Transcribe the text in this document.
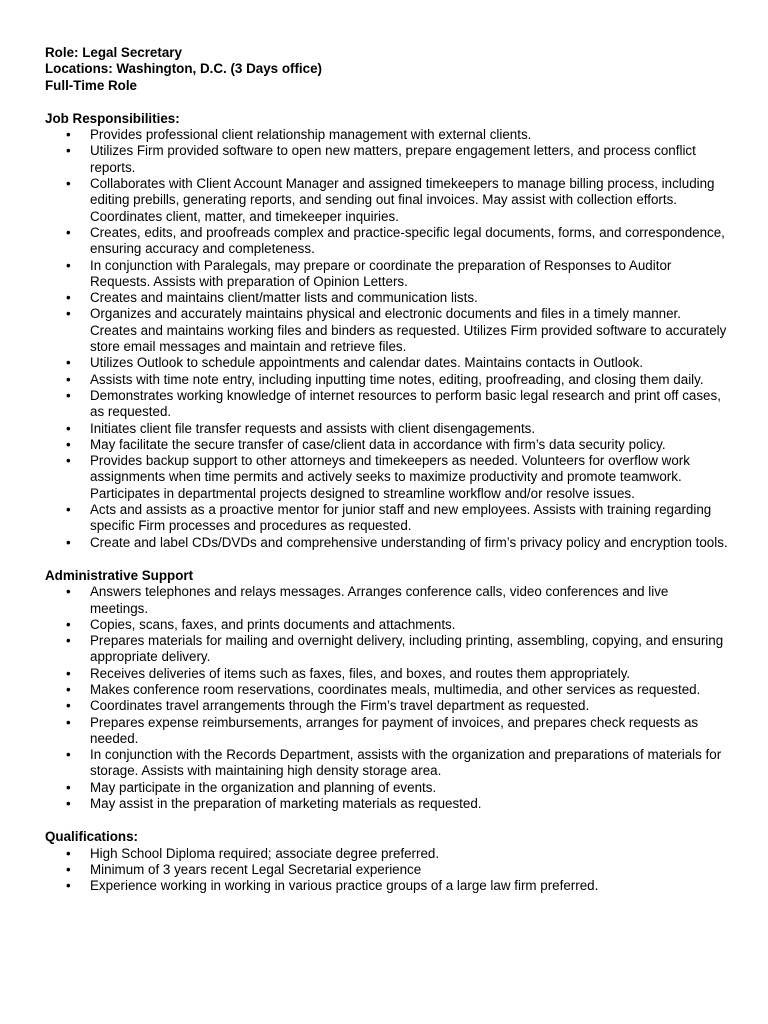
Role: Legal Secretary

Locations: Washington, D.C. (3 Days office)

Full-Time Role

Job Responsibilities:

• Provides professional client relationship management with external clients.
• Utilizes Firm provided software to open new matters, prepare engagement letters, and process conflict reports.
• Collaborates with Client Account Manager and assigned timekeepers to manage billing process, including editing prebills, generating reports, and sending out final invoices. May assist with collection efforts. Coordinates client, matter, and timekeeper inquiries.
• Creates, edits, and proofreads complex and practice-specific legal documents, forms, and correspondence, ensuring accuracy and completeness.
• In conjunction with Paralegals, may prepare or coordinate the preparation of Responses to Auditor Requests. Assists with preparation of Opinion Letters.
• Creates and maintains client/matter lists and communication lists.
• Organizes and accurately maintains physical and electronic documents and files in a timely manner. Creates and maintains working files and binders as requested. Utilizes Firm provided software to accurately store email messages and maintain and retrieve files.
• Utilizes Outlook to schedule appointments and calendar dates. Maintains contacts in Outlook.
• Assists with time note entry, including inputting time notes, editing, proofreading, and closing them daily.
• Demonstrates working knowledge of internet resources to perform basic legal research and print off cases, as requested.
• Initiates client file transfer requests and assists with client disengagements.
• May facilitate the secure transfer of case/client data in accordance with firm’s data security policy.
• Provides backup support to other attorneys and timekeepers as needed. Volunteers for overflow work assignments when time permits and actively seeks to maximize productivity and promote teamwork. Participates in departmental projects designed to streamline workflow and/or resolve issues.
• Acts and assists as a proactive mentor for junior staff and new employees. Assists with training regarding specific Firm processes and procedures as requested.
• Create and label CDs/DVDs and comprehensive understanding of firm’s privacy policy and encryption tools.

Administrative Support

• Answers telephones and relays messages. Arranges conference calls, video conferences and live meetings.
• Copies, scans, faxes, and prints documents and attachments.
• Prepares materials for mailing and overnight delivery, including printing, assembling, copying, and ensuring appropriate delivery.
• Receives deliveries of items such as faxes, files, and boxes, and routes them appropriately.
• Makes conference room reservations, coordinates meals, multimedia, and other services as requested.
• Coordinates travel arrangements through the Firm’s travel department as requested.
• Prepares expense reimbursements, arranges for payment of invoices, and prepares check requests as needed.
• In conjunction with the Records Department, assists with the organization and preparations of materials for storage. Assists with maintaining high density storage area.
• May participate in the organization and planning of events.
• May assist in the preparation of marketing materials as requested.

Qualifications:

• High School Diploma required; associate degree preferred.
• Minimum of 3 years recent Legal Secretarial experience
• Experience working in working in various practice groups of a large law firm preferred.
